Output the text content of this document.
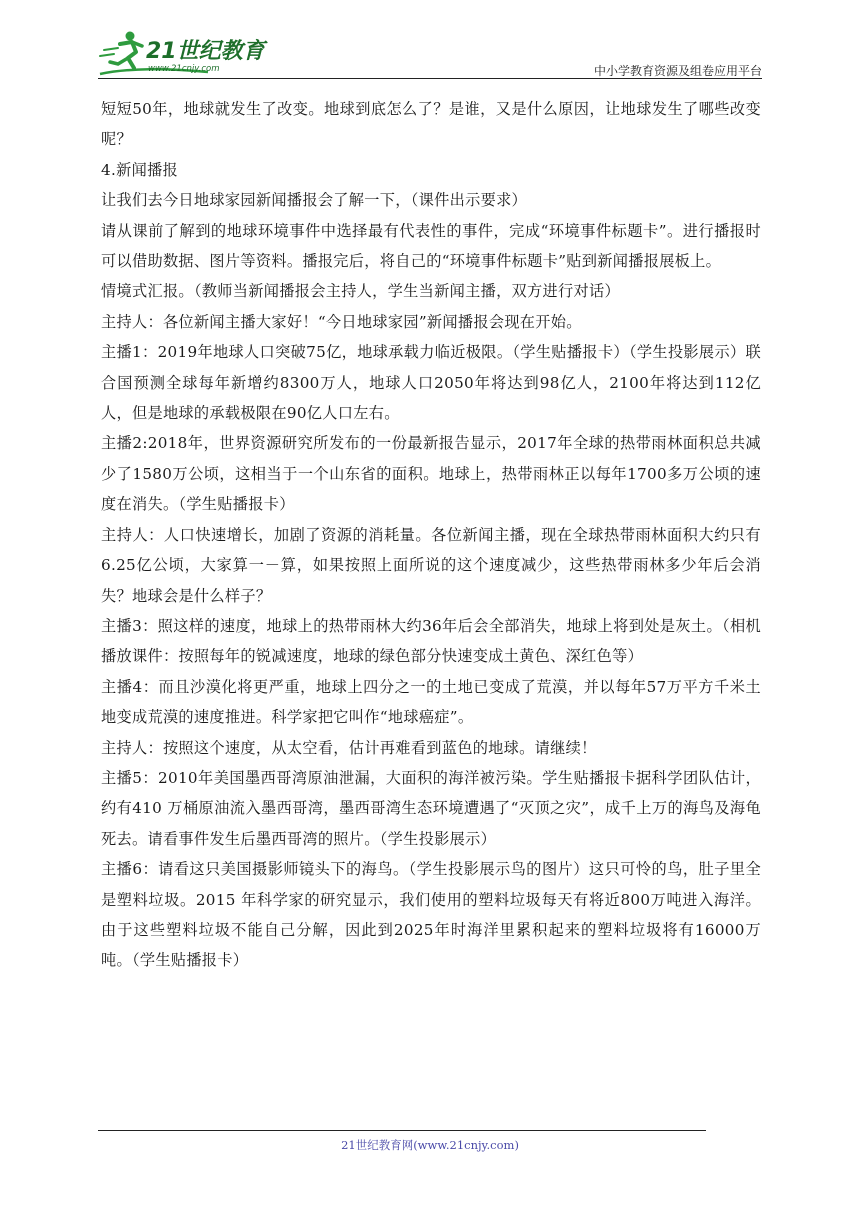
21世纪教育
www.21cnjy.com	中小学教育资源及组卷应用平台

短短50年，地球就发生了改变。地球到底怎么了？是谁，又是什么原因，让地球发生了哪些改变呢？

4.新闻播报

让我们去今日地球家园新闻播报会了解一下，（课件出示要求）

请从课前了解到的地球环境事件中选择最有代表性的事件，完成“环境事件标题卡”。进行播报时可以借助数据、图片等资料。播报完后，将自己的“环境事件标题卡”贴到新闻播报展板上。

情境式汇报。（教师当新闻播报会主持人，学生当新闻主播，双方进行对话）

主持人：各位新闻主播大家好！“今日地球家园”新闻播报会现在开始。

主播1：2019年地球人口突破75亿，地球承载力临近极限。（学生贴播报卡）（学生投影展示）联合国预测全球每年新增约8300万人，地球人口2050年将达到98亿人，2100年将达到112亿人，但是地球的承载极限在90亿人口左右。

主播2:2018年，世界资源研究所发布的一份最新报告显示，2017年全球的热带雨林面积总共减少了1580万公顷，这相当于一个山东省的面积。地球上，热带雨林正以每年1700多万公顷的速度在消失。（学生贴播报卡）

主持人：人口快速增长，加剧了资源的消耗量。各位新闻主播，现在全球热带雨林面积大约只有6.25亿公顷，大家算一－算，如果按照上面所说的这个速度减少，这些热带雨林多少年后会消失？地球会是什么样子？

主播3：照这样的速度，地球上的热带雨林大约36年后会全部消失，地球上将到处是灰土。（相机播放课件：按照每年的锐减速度，地球的绿色部分快速变成土黄色、深红色等）

主播4：而且沙漠化将更严重，地球上四分之一的土地已变成了荒漠，并以每年57万平方千米土地变成荒漠的速度推进。科学家把它叫作“地球癌症”。

主持人：按照这个速度，从太空看，估计再难看到蓝色的地球。请继续！

主播5：2010年美国墨西哥湾原油泄漏，大面积的海洋被污染。学生贴播报卡据科学团队估计，约有410 万桶原油流入墨西哥湾，墨西哥湾生态环境遭遇了“灭顶之灾”，成千上万的海鸟及海龟死去。请看事件发生后墨西哥湾的照片。（学生投影展示）

主播6：请看这只美国摄影师镜头下的海鸟。（学生投影展示鸟的图片）这只可怜的鸟，肚子里全是塑料垃圾。2015 年科学家的研究显示，我们使用的塑料垃圾每天有将近800万吨进入海洋。由于这些塑料垃圾不能自己分解，因此到2025年时海洋里累积起来的塑料垃圾将有16000万吨。（学生贴播报卡）

21世纪教育网(www.21cnjy.com)
